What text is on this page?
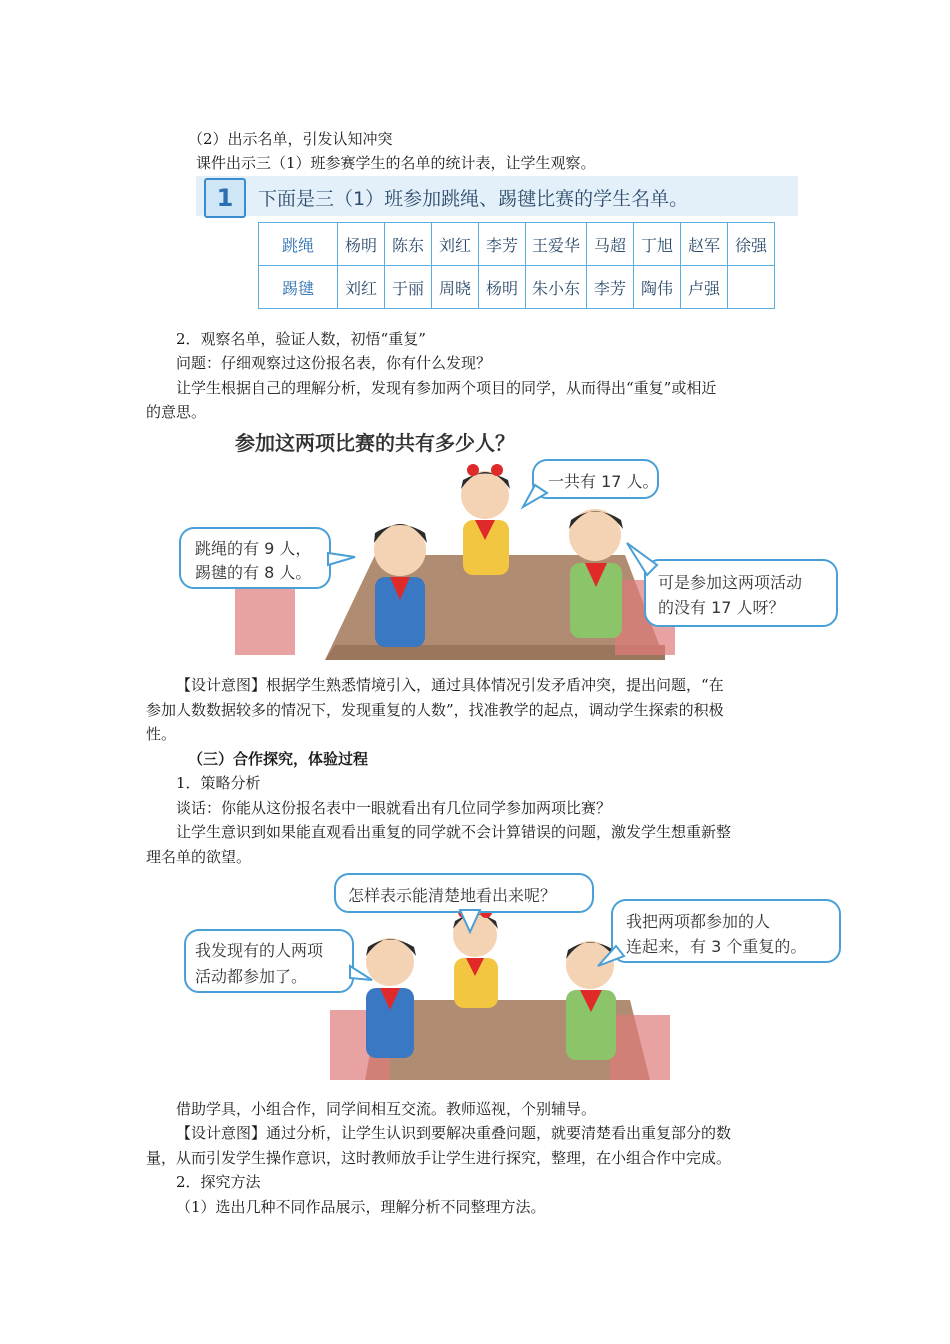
（2）出示名单，引发认知冲突
课件出示三（1）班参赛学生的名单的统计表，让学生观察。
1	下面是三（1）班参加跳绳、踢毽比赛的学生名单。
跳绳	杨明	陈东	刘红	李芳	王爱华	马超	丁旭	赵军	徐强
踢毽	刘红	于丽	周晓	杨明	朱小东	李芳	陶伟	卢强	
2．观察名单，验证人数，初悟“重复”
问题：仔细观察过这份报名表，你有什么发现？
让学生根据自己的理解分析，发现有参加两个项目的同学，从而得出“重复”或相近
的意思。
参加这两项比赛的共有多少人？
一共有 17 人。
跳绳的有 9 人，
踢毽的有 8 人。
可是参加这两项活动
的没有 17 人呀？
【设计意图】根据学生熟悉情境引入，通过具体情况引发矛盾冲突，提出问题，“在
参加人数数据较多的情况下，发现重复的人数”，找准教学的起点，调动学生探索的积极
性。
（三）合作探究，体验过程
1．策略分析
谈话：你能从这份报名表中一眼就看出有几位同学参加两项比赛？
让学生意识到如果能直观看出重复的同学就不会计算错误的问题，激发学生想重新整
理名单的欲望。
怎样表示能清楚地看出来呢？
我发现有的人两项
活动都参加了。
我把两项都参加的人
连起来，有 3 个重复的。
借助学具，小组合作，同学间相互交流。教师巡视，个别辅导。
【设计意图】通过分析，让学生认识到要解决重叠问题，就要清楚看出重复部分的数
量，从而引发学生操作意识，这时教师放手让学生进行探究，整理，在小组合作中完成。
2．探究方法
（1）选出几种不同作品展示，理解分析不同整理方法。
